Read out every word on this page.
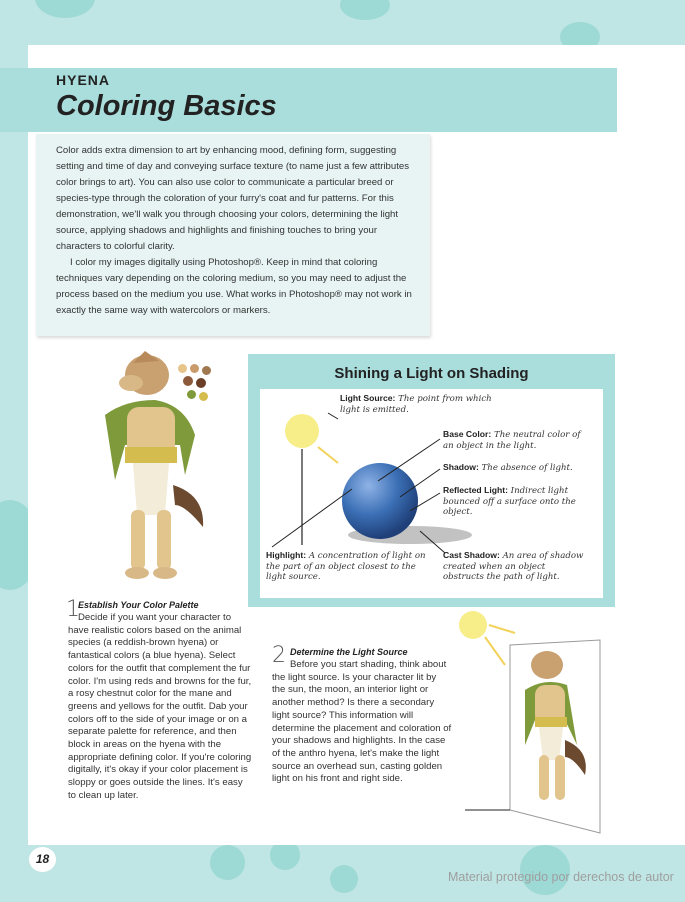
HYENA
Coloring Basics

Color adds extra dimension to art by enhancing mood, defining form, suggesting setting and time of day and conveying surface texture (to name just a few attributes color brings to art). You can also use color to communicate a particular breed or species-type through the coloration of your furry's coat and fur patterns. For this demonstration, we'll walk you through choosing your colors, determining the light source, applying shadows and highlights and finishing touches to bring your characters to colorful clarity.

I color my images digitally using Photoshop®. Keep in mind that coloring techniques vary depending on the coloring medium, so you may need to adjust the process based on the medium you use. What works in Photoshop® may not work in exactly the same way with watercolors or markers.

Shining a Light on Shading
Light Source: The point from which light is emitted.
Base Color: The neutral color of an object in the light.
Shadow: The absence of light.
Reflected Light: Indirect light bounced off a surface onto the object.
Highlight: A concentration of light on the part of an object closest to the light source.
Cast Shadow: An area of shadow created when an object obstructs the path of light.
1
Establish Your Color Palette
Decide if you want your character to have realistic colors based on the animal species (a reddish-brown hyena) or fantastical colors (a blue hyena). Select colors for the outfit that complement the fur color. I'm using reds and browns for the fur, a rosy chestnut color for the mane and greens and yellows for the outfit. Dab your colors off to the side of your image or on a separate palette for reference, and then block in areas on the hyena with the appropriate defining color. If you're coloring digitally, it's okay if your color placement is sloppy or goes outside the lines. It's easy to clean up later.
2 Determine the Light Source
Before you start shading, think about the light source. Is your character lit by the sun, the moon, an interior light or another method? Is there a secondary light source? This information will determine the placement and coloration of your shadows and highlights. In the case of the anthro hyena, let's make the light source an overhead sun, casting golden light on his front and right side.
18
Material protegido por derechos de autor
